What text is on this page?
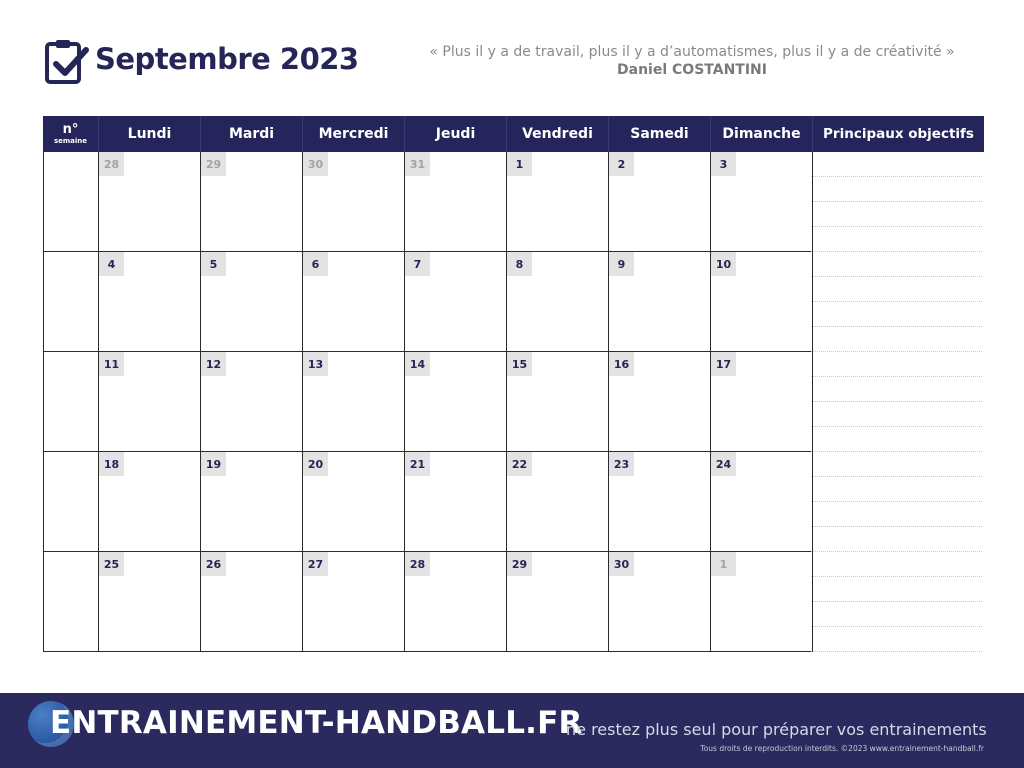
Septembre 2023	« Plus il y a de travail, plus il y a d’automatismes, plus il y a de créativité »
Daniel COSTANTINI
n°
semaine	Lundi	Mardi	Mercredi	Jeudi	Vendredi	Samedi	Dimanche	Principaux objectifs
28	29	30	31	1	2	3
4	5	6	7	8	9	10
11	12	13	14	15	16	17
18	19	20	21	22	23	24
25	26	27	28	29	30	1
ENTRAINEMENT-HANDBALL.FR
ne restez plus seul pour préparer vos entrainements
Tous droits de reproduction interdits. ©2023 www.entrainement-handball.fr
